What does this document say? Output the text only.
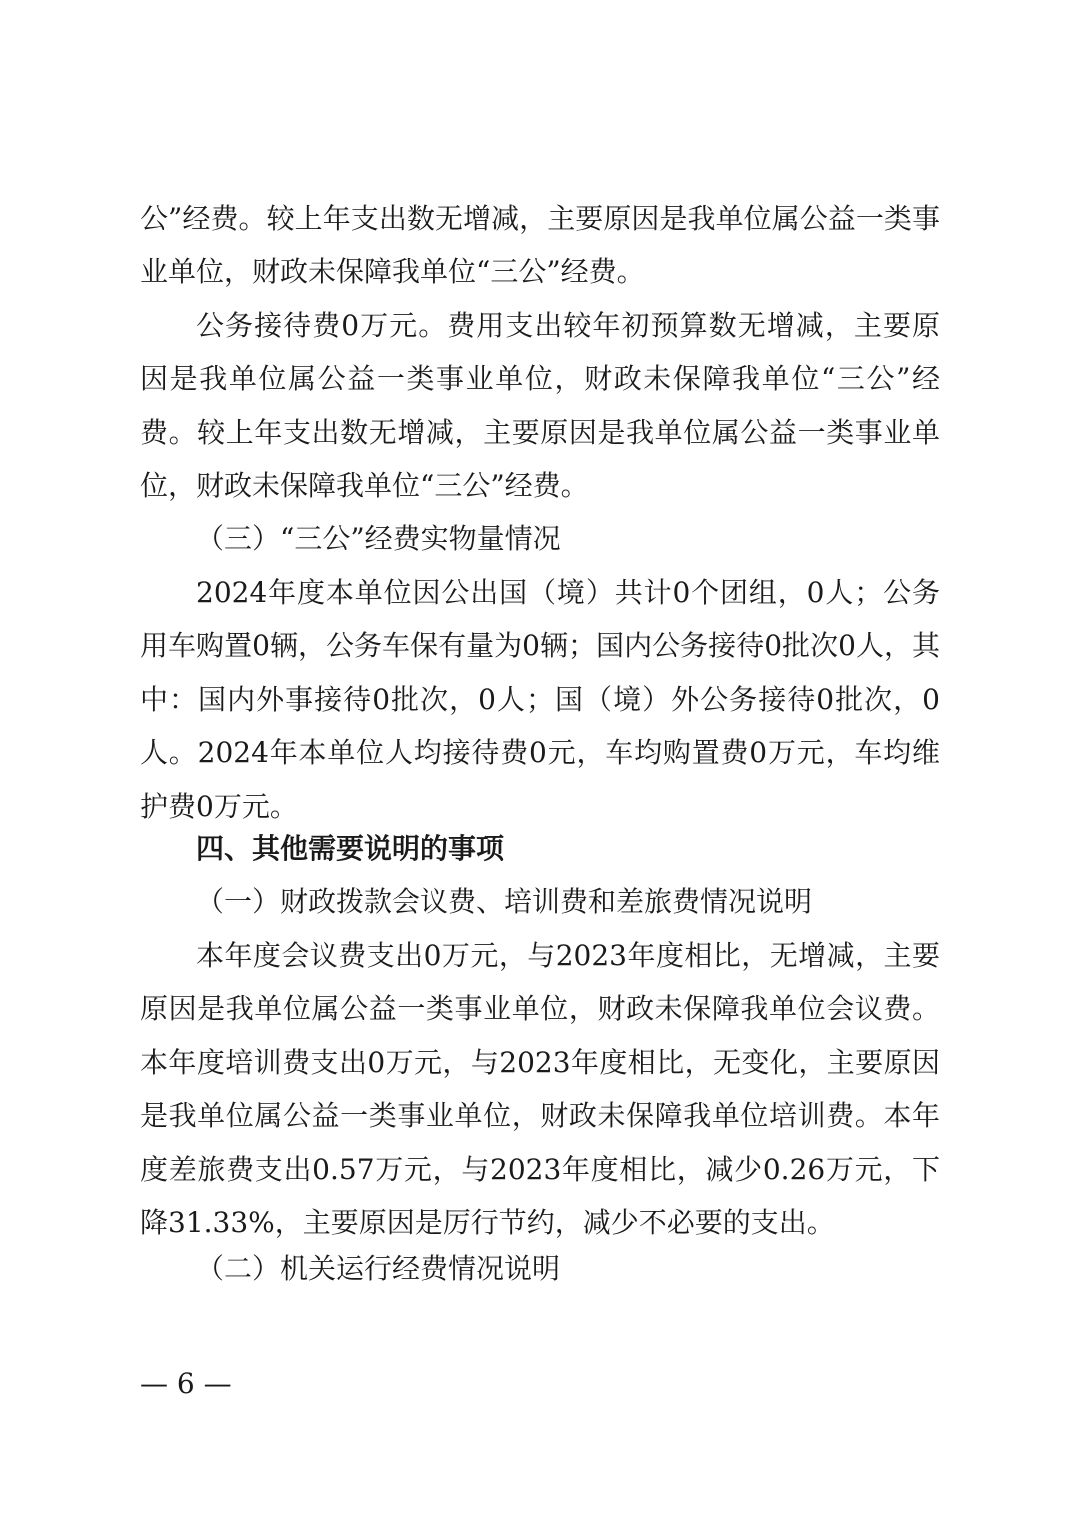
公”经费。较上年支出数无增减，主要原因是我单位属公益一类事业单位，财政未保障我单位“三公”经费。

公务接待费0万元。费用支出较年初预算数无增减，主要原因是我单位属公益一类事业单位，财政未保障我单位“三公”经费。较上年支出数无增减，主要原因是我单位属公益一类事业单位，财政未保障我单位“三公”经费。

（三）“三公”经费实物量情况

2024年度本单位因公出国（境）共计0个团组，0人；公务用车购置0辆，公务车保有量为0辆；国内公务接待0批次0人，其中：国内外事接待0批次，0人；国（境）外公务接待0批次，0人。2024年本单位人均接待费0元，车均购置费0万元，车均维护费0万元。

四、其他需要说明的事项

（一）财政拨款会议费、培训费和差旅费情况说明

本年度会议费支出0万元，与2023年度相比，无增减，主要原因是我单位属公益一类事业单位，财政未保障我单位会议费。本年度培训费支出0万元，与2023年度相比，无变化，主要原因是我单位属公益一类事业单位，财政未保障我单位培训费。本年度差旅费支出0.57万元，与2023年度相比，减少0.26万元，下降31.33%，主要原因是厉行节约，减少不必要的支出。

（二）机关运行经费情况说明

— 6 —
